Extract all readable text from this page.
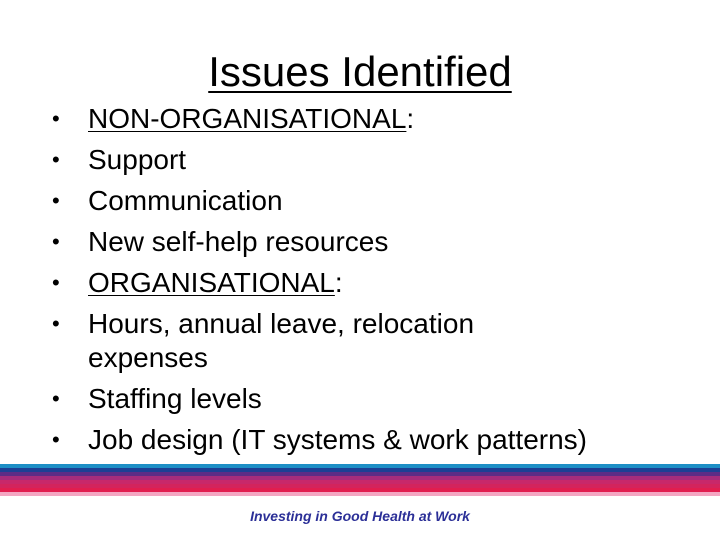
Issues Identified
• NON-ORGANISATIONAL:
• Support
• Communication
• New self-help resources
• ORGANISATIONAL:
• Hours, annual leave, relocation
expenses
• Staffing levels
• Job design (IT systems & work patterns)
Investing in Good Health at Work
